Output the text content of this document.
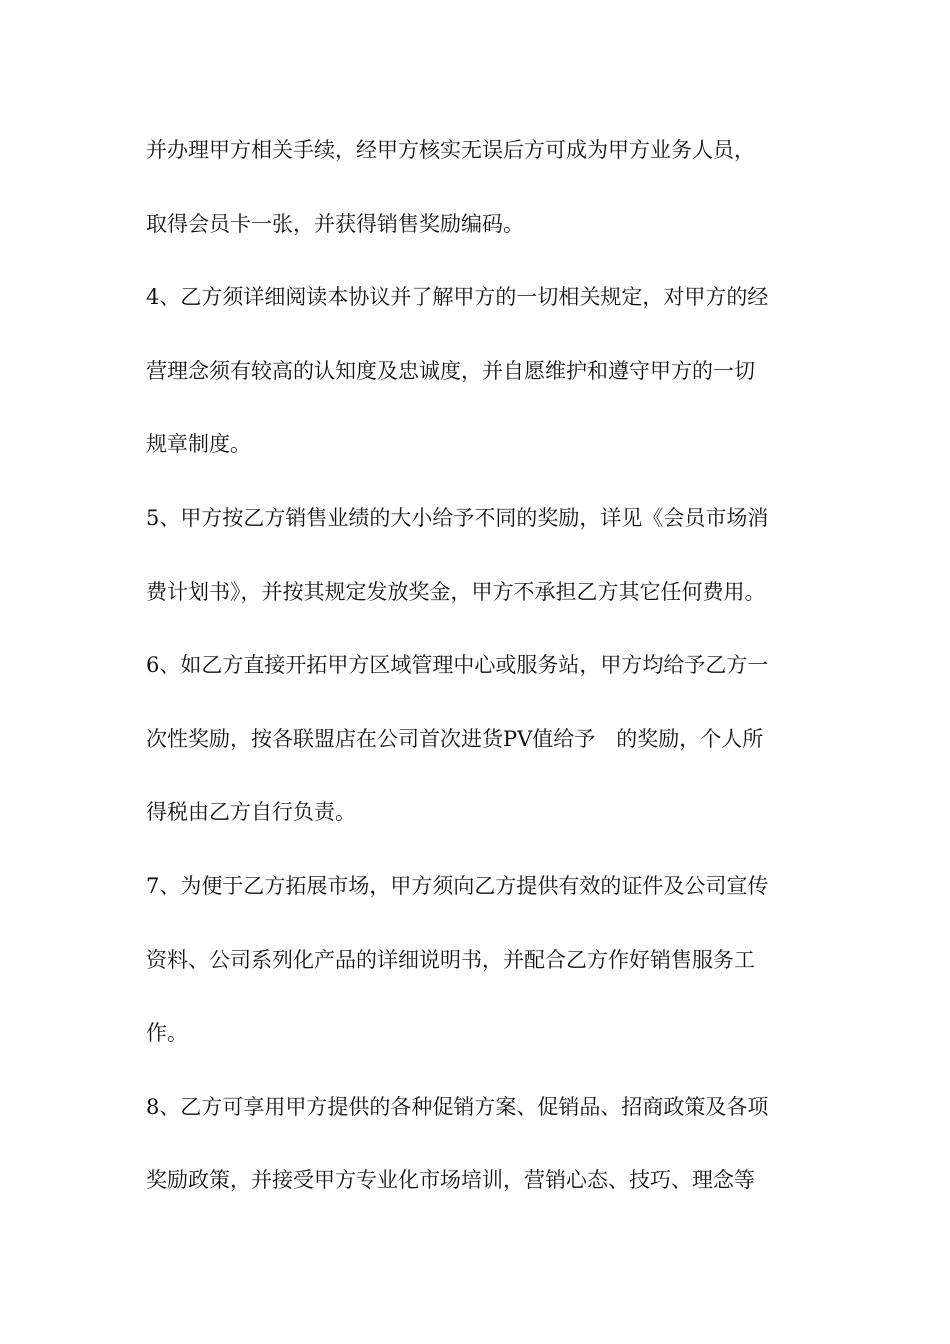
并办理甲方相关手续，经甲方核实无误后方可成为甲方业务人员，
取得会员卡一张，并获得销售奖励编码。
4、乙方须详细阅读本协议并了解甲方的一切相关规定，对甲方的经
营理念须有较高的认知度及忠诚度，并自愿维护和遵守甲方的一切
规章制度。
5、甲方按乙方销售业绩的大小给予不同的奖励，详见《会员市场消
费计划书》，并按其规定发放奖金，甲方不承担乙方其它任何费用。
6、如乙方直接开拓甲方区域管理中心或服务站，甲方均给予乙方一
次性奖励，按各联盟店在公司首次进货PV值给予　的奖励，个人所
得税由乙方自行负责。
7、为便于乙方拓展市场，甲方须向乙方提供有效的证件及公司宣传
资料、公司系列化产品的详细说明书，并配合乙方作好销售服务工
作。
8、乙方可享用甲方提供的各种促销方案、促销品、招商政策及各项
奖励政策，并接受甲方专业化市场培训，营销心态、技巧、理念等
